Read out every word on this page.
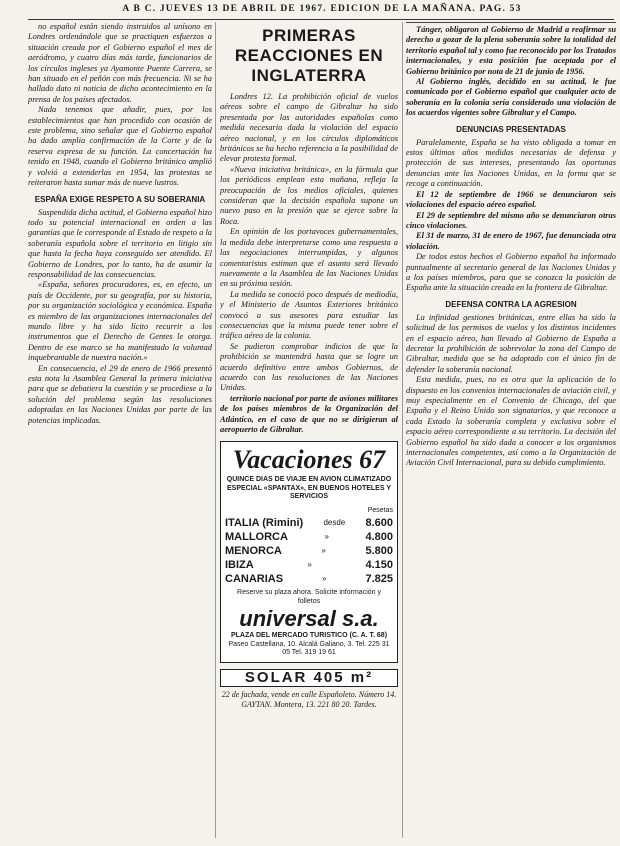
A B C. JUEVES 13 DE ABRIL DE 1967. EDICION DE LA MAÑANA. PAG. 53

no español están siendo instruidos al unísono en Londres ordenándole que se practiquen esfuerzos a situación creada por el Gobierno español el mes de aeródromo, y cuatro días más tarde, funcionarios de los círculos ingleses ya Ayamonte Puente Carrera, se han situado en el peñón con más frecuencia. Ni se ha hallado dato ni noticia de dicho acontecimiento en la prensa de los países afectados.

Nada tenemos que añadir, pues, por los establecimientos que han procedido con ocasión de este problema, sino señalar que el Gobierno español ha dado amplia confirmación de la Corte y de la reserva expresa de su función. La concertación ha tenido en 1948, cuando el Gobierno británico amplió y volvió a extenderlas en 1954, las protestas se reiteraron hasta sumar más de nueve lustros.

ESPAÑA EXIGE RESPETO A SU SOBERANIA

Suspendida dicha actitud, el Gobierno español hizo todo su potencial internacional en orden a las garantías que le corresponde al Estado de respeto a la soberanía española sobre el territorio en litigio sin que hasta la fecha haya conseguido ser atendido. El Gobierno de Londres, por lo tanto, ha de asumir la responsabilidad de las consecuencias.

«España, señores procuradores, es, en efecto, un país de Occidente, por su geografía, por su historia, por su organización sociológica y económica. España es miembro de las organizaciones internacionales del mundo libre y ha sido lícito recurrir a los instrumentos que el Derecho de Gentes le otorga. Dentro de ese marco se ha manifestado la voluntad inquebrantable de nuestra nación.»

En consecuencia, el 29 de enero de 1966 presentó esta nota la Asamblea General la primera iniciativa para que se debatiera la cuestión y se procediese a la solución del problema según las resoluciones adoptadas en las Naciones Unidas por parte de las potencias implicadas.

PRIMERAS REACCIONES EN INGLATERRA

Londres 12. La prohibición oficial de vuelos aéreos sobre el campo de Gibraltar ha sido presentada por las autoridades españolas como medida necesaria dada la violación del espacio aéreo nacional, y en los círculos diplomáticos británicos se ha hecho referencia a la posibilidad de elevar protesta formal.

«Nueva iniciativa británica», en la fórmula que los periódicos emplean esta mañana, refleja la preocupación de los medios oficiales, quienes consideran que la decisión española supone un nuevo paso en la presión que se ejerce sobre la Roca.

En opinión de los portavoces gubernamentales, la medida debe interpretarse como una respuesta a las negociaciones interrumpidas, y algunos comentaristas estiman que el asunto será llevado nuevamente a la Asamblea de las Naciones Unidas en su próxima sesión.

La medida se conoció poco después de mediodía, y el Ministerio de Asuntos Exteriores británico convocó a sus asesores para estudiar las consecuencias que la misma puede tener sobre el tráfico aéreo de la colonia.

Se pudieron comprobar indicios de que la prohibición se mantendrá hasta que se logre un acuerdo definitivo entre ambos Gobiernos, de acuerdo con las resoluciones de las Naciones Unidas.

territorio nacional por parte de aviones militares de los países miembros de la Organización del Atlántico, en el caso de que no se dirigieran al aeropuerto de Gibraltar.

Vacaciones 67
QUINCE DIAS DE VIAJE EN AVION CLIMATIZADO ESPECIAL «SPANTAX», EN BUENOS HOTELES Y SERVICIOS
Pesetas
ITALIA (Rimini)	desde 8.600
MALLORCA	»	4.800
MENORCA	»	5.800
IBIZA	»	4.150
CANARIAS	»	7.825
Reserve su plaza ahora. Solicite información y folletos
universal s.a.
PLAZA DEL MERCADO TURISTICO (C. A. T. 68)
Paseo Castellana, 10. Alcalá Galiano, 3. Tel. 225 31 05 Tel. 319 19 61
SOLAR 405 m²
22 de fachada, vende en calle Españoleto. Número 14. GAYTAN. Montera, 13. 221 80 20. Tardes.

Tánger, obligaron al Gobierno de Madrid a reafirmar su derecho a gozar de la plena soberanía sobre la totalidad del territorio español tal y como fue reconocido por los Tratados internacionales, y esta posición fue aceptada por el Gobierno británico por nota de 21 de junio de 1956.

Al Gobierno inglés, decidido en su actitud, le fue comunicado por el Gobierno español que cualquier acto de soberanía en la colonia sería considerado una violación de los acuerdos vigentes sobre Gibraltar y el Campo.

DENUNCIAS PRESENTADAS

Paralelamente, España se ha visto obligada a tomar en estos últimos años medidas necesarias de defensa y protección de sus intereses, presentando las oportunas denuncias ante las Naciones Unidas, en la forma que se recoge a continuación.

El 12 de septiembre de 1966 se denunciaron seis violaciones del espacio aéreo español.

El 29 de septiembre del mismo año se denunciaron otras cinco violaciones.

El 31 de marzo, 31 de enero de 1967, fue denunciada otra violación.

De todos estos hechos el Gobierno español ha informado puntualmente al secretario general de las Naciones Unidas y a los países miembros, para que se conozca la posición de España ante la situación creada en la frontera de Gibraltar.

DEFENSA CONTRA LA AGRESION

La infinidad gestiones británicas, entre ellas ha sido la solicitud de los permisos de vuelos y los distintos incidentes en el espacio aéreo, han llevado al Gobierno de España a decretar la prohibición de sobrevolar la zona del Campo de Gibraltar, medida que se ha adoptado con el único fin de defender la soberanía nacional.

Esta medida, pues, no es otra que la aplicación de lo dispuesto en los convenios internacionales de aviación civil, y muy especialmente en el Convenio de Chicago, del que España y el Reino Unido son signatarios, y que reconoce a cada Estado la soberanía completa y exclusiva sobre el espacio aéreo correspondiente a su territorio. La decisión del Gobierno español ha sido dada a conocer a los organismos internacionales competentes, así como a la Organización de Aviación Civil Internacional, para su debido cumplimiento.
